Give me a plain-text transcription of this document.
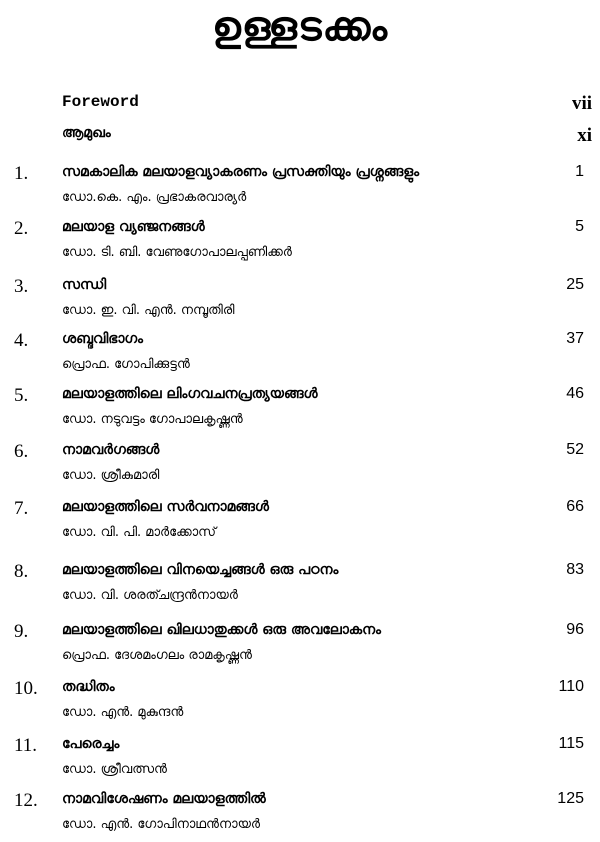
ഉള്ളടക്കം
Foreword	vii
ആമുഖം	xi
1. സമകാലിക മലയാളവ്യാകരണം പ്രസക്തിയും പ്രശ്നങ്ങളും
ഡോ.കെ. എം. പ്രഭാകരവാര്യർ
1
2. മലയാള വ്യഞ്ജനങ്ങൾ
ഡോ. ടി. ബി. വേണുഗോപാലപ്പണിക്കർ
5
3. സന്ധി
ഡോ. ഇ. വി. എൻ. നമ്പൂതിരി
25
4. ശബ്ദവിഭാഗം
പ്രൊഫ. ഗോപിക്കുട്ടൻ
37
5. മലയാളത്തിലെ ലിംഗവചനപ്രത്യയങ്ങൾ
ഡോ. നടുവട്ടം ഗോപാലകൃഷ്ണൻ
46
6. നാമവർഗങ്ങൾ
ഡോ. ശ്രീകുമാരി
52
7. മലയാളത്തിലെ സർവനാമങ്ങൾ
ഡോ. വി. പി. മാർക്കോസ്
66
8. മലയാളത്തിലെ വിനയെച്ചങ്ങൾ ഒരു പഠനം
ഡോ. വി. ശരത്ചന്ദ്രൻനായർ
83
9. മലയാളത്തിലെ ഖിലധാതുക്കൾ ഒരു അവലോകനം
പ്രൊഫ. ദേശമംഗലം രാമകൃഷ്ണൻ
96
10. തദ്ധിതം
ഡോ. എൻ. മുകുന്ദൻ
110
11. പേരെച്ചം
ഡോ. ശ്രീവത്സൻ
115
12. നാമവിശേഷണം മലയാളത്തിൽ
ഡോ. എൻ. ഗോപിനാഥൻനായർ
125
